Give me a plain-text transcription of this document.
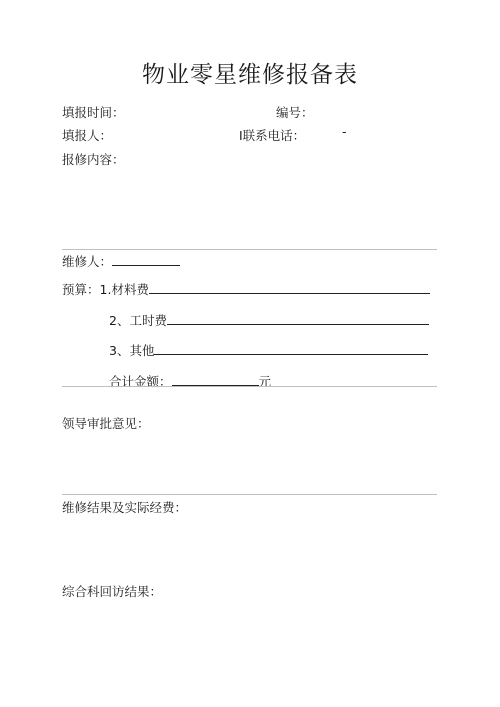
物业零星维修报备表
填报时间：	编号：
填报人：	I联系电话：	-
报修内容：
维修人：
预算：1.材料费
2、工时费
3、其他
合计金额：	元
领导审批意见：
维修结果及实际经费：
综合科回访结果：
